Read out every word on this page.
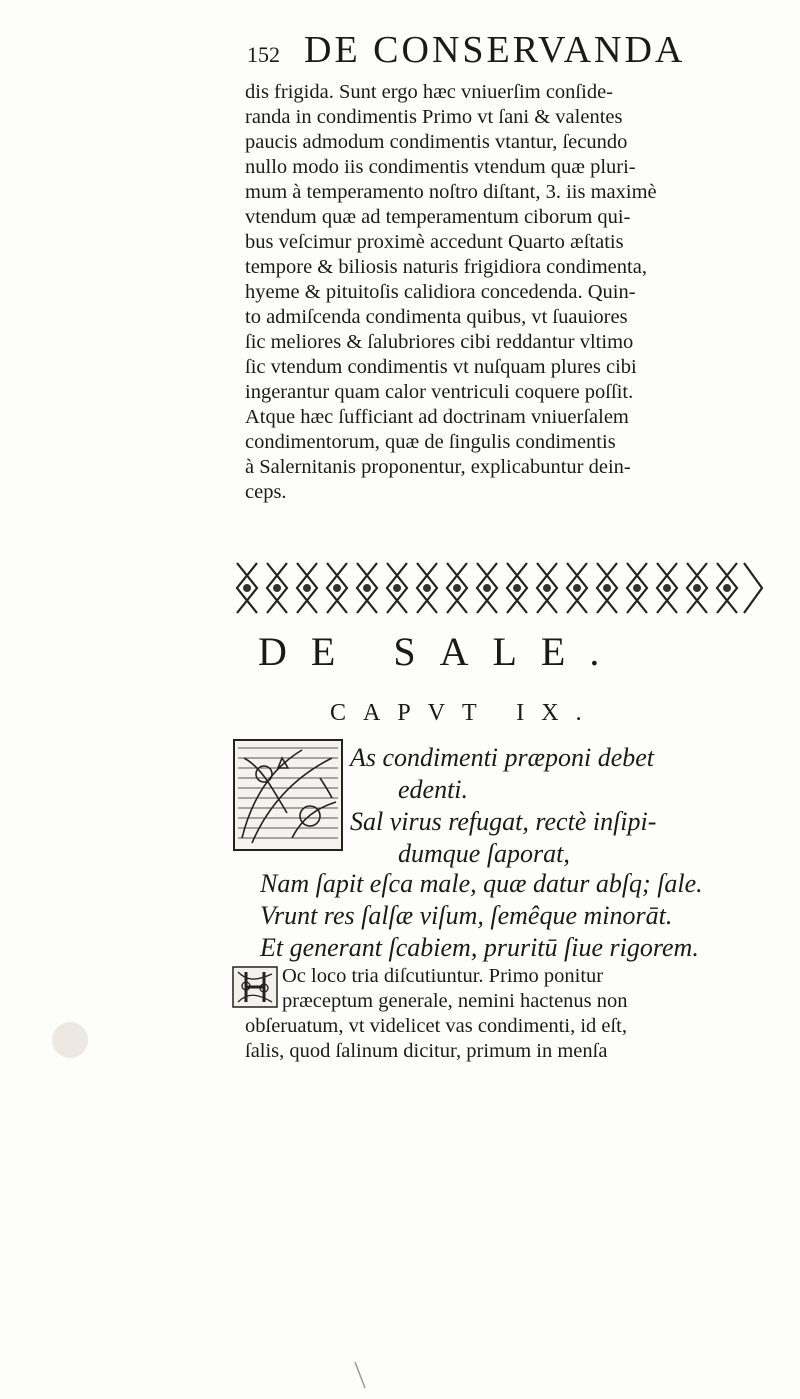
152 DE CONSERVANDA
dis frigida. Sunt ergo hæc vniuerſim conſide-
randa in condimentis Primo vt ſani & valentes
paucis admodum condimentis vtantur, ſecundo
nullo modo iis condimentis vtendum quæ pluri-
mum à temperamento noſtro diſtant, 3. iis maximè
vtendum quæ ad temperamentum ciborum qui-
bus veſcimur proximè accedunt Quarto æſtatis
tempore & biliosis naturis frigidiora condimenta,
hyeme & pituitoſis calidiora concedenda. Quin-
to admiſcenda condimenta quibus, vt ſuauiores
ſic meliores & ſalubriores cibi reddantur vltimo
ſic vtendum condimentis vt nuſquam plures cibi
ingerantur quam calor ventriculi coquere poſſit.
Atque hæc ſufficiant ad doctrinam vniuerſalem
condimentorum, quæ de ſingulis condimentis
à Salernitanis proponentur, explicabuntur dein-
ceps.
DE SALE.
CAPVT IX.
As condimenti præponi debet
edenti.
Sal virus refugat, rectè inſipi-
dumque ſaporat,
Nam ſapit eſca male, quæ datur abſq; ſale.
Vrunt res ſalſæ viſum, ſemêque minorāt.
Et generant ſcabiem, pruritū ſiue rigorem.
Oc loco tria diſcutiuntur. Primo ponitur
præceptum generale, nemini hactenus non
obſeruatum, vt videlicet vas condimenti, id eſt,
ſalis, quod ſalinum dicitur, primum in menſa
